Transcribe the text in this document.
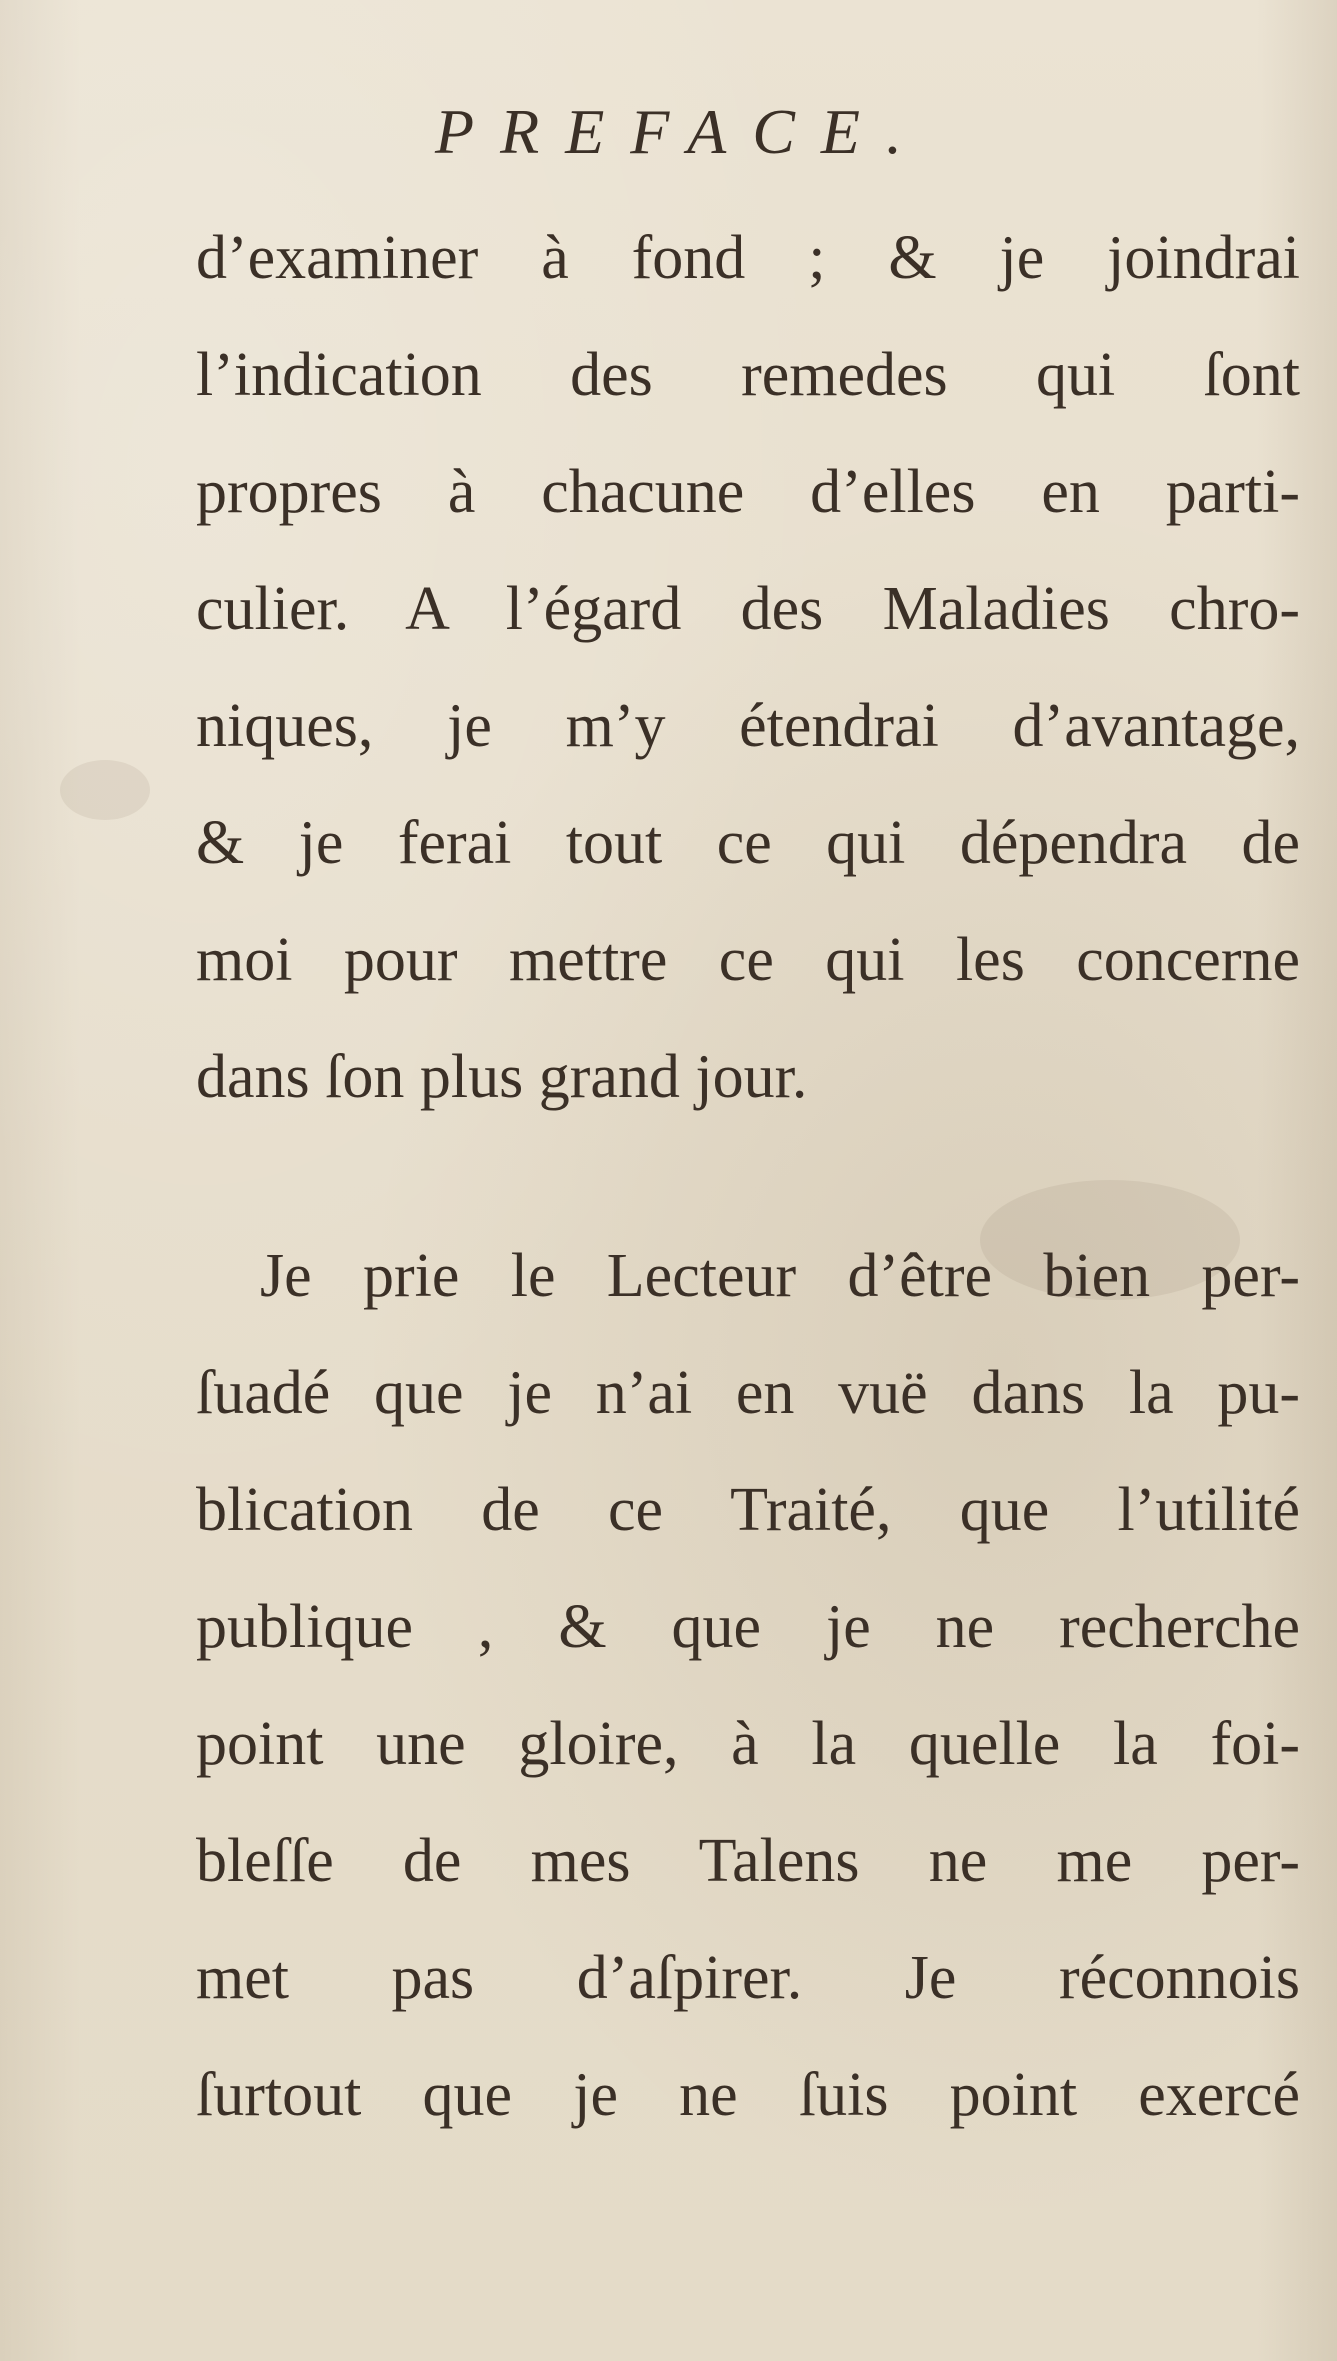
PREFACE.
d’examiner à fond ; & je joindrai
l’indication des remedes qui ſont
propres à chacune d’elles en parti-
culier. A l’égard des Maladies chro-
niques, je m’y étendrai d’avantage,
& je ferai tout ce qui dépendra de
moi pour mettre ce qui les concerne
dans ſon plus grand jour.
Je prie le Lecteur d’être bien per-
ſuadé que je n’ai en vuë dans la pu-
blication de ce Traité, que l’utilité
publique , & que je ne recherche
point une gloire, à la quelle la foi-
bleſſe de mes Talens ne me per-
met pas d’aſpirer. Je réconnois
ſurtout que je ne ſuis point exercé
